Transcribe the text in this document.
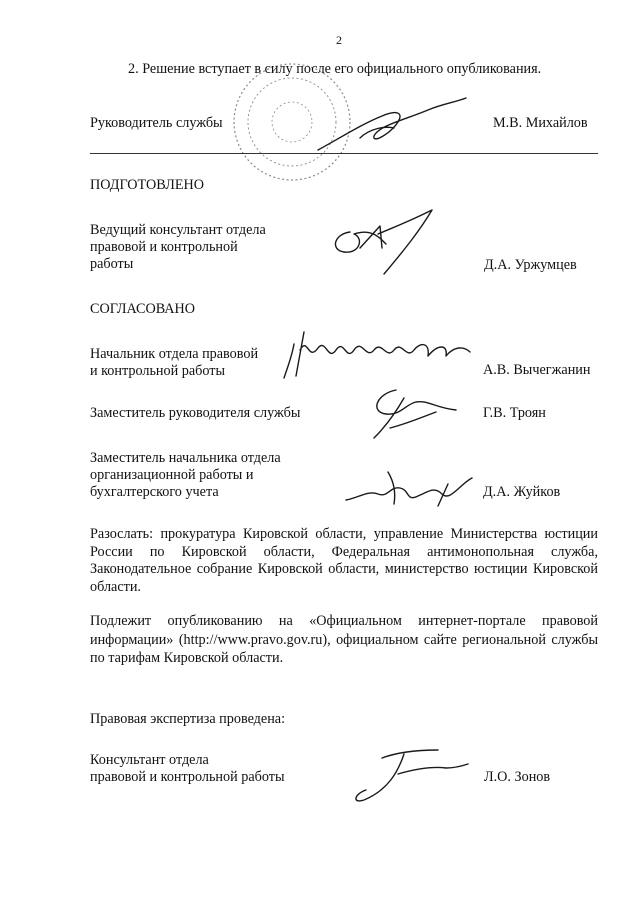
2
2. Решение вступает в силу после его официального опубликования.
Руководитель службы	М.В. Михайлов
ПОДГОТОВЛЕНО
Ведущий консультант отдела
правовой и контрольной
работы	Д.А. Уржумцев
СОГЛАСОВАНО
Начальник отдела правовой
и контрольной работы	А.В. Вычегжанин
Заместитель руководителя службы	Г.В. Троян
Заместитель начальника отдела
организационной работы и
бухгалтерского учета	Д.А. Жуйков
Разослать: прокуратура Кировской области, управление Министерства юстиции России по Кировской области, Федеральная антимонопольная служба, Законодательное собрание Кировской области, министерство юстиции Кировской области.
Подлежит опубликованию на «Официальном интернет-портале правовой информации» (http://www.pravo.gov.ru), официальном сайте региональной службы по тарифам Кировской области.
Правовая экспертиза проведена:
Консультант отдела
правовой и контрольной работы	Л.О. Зонов
